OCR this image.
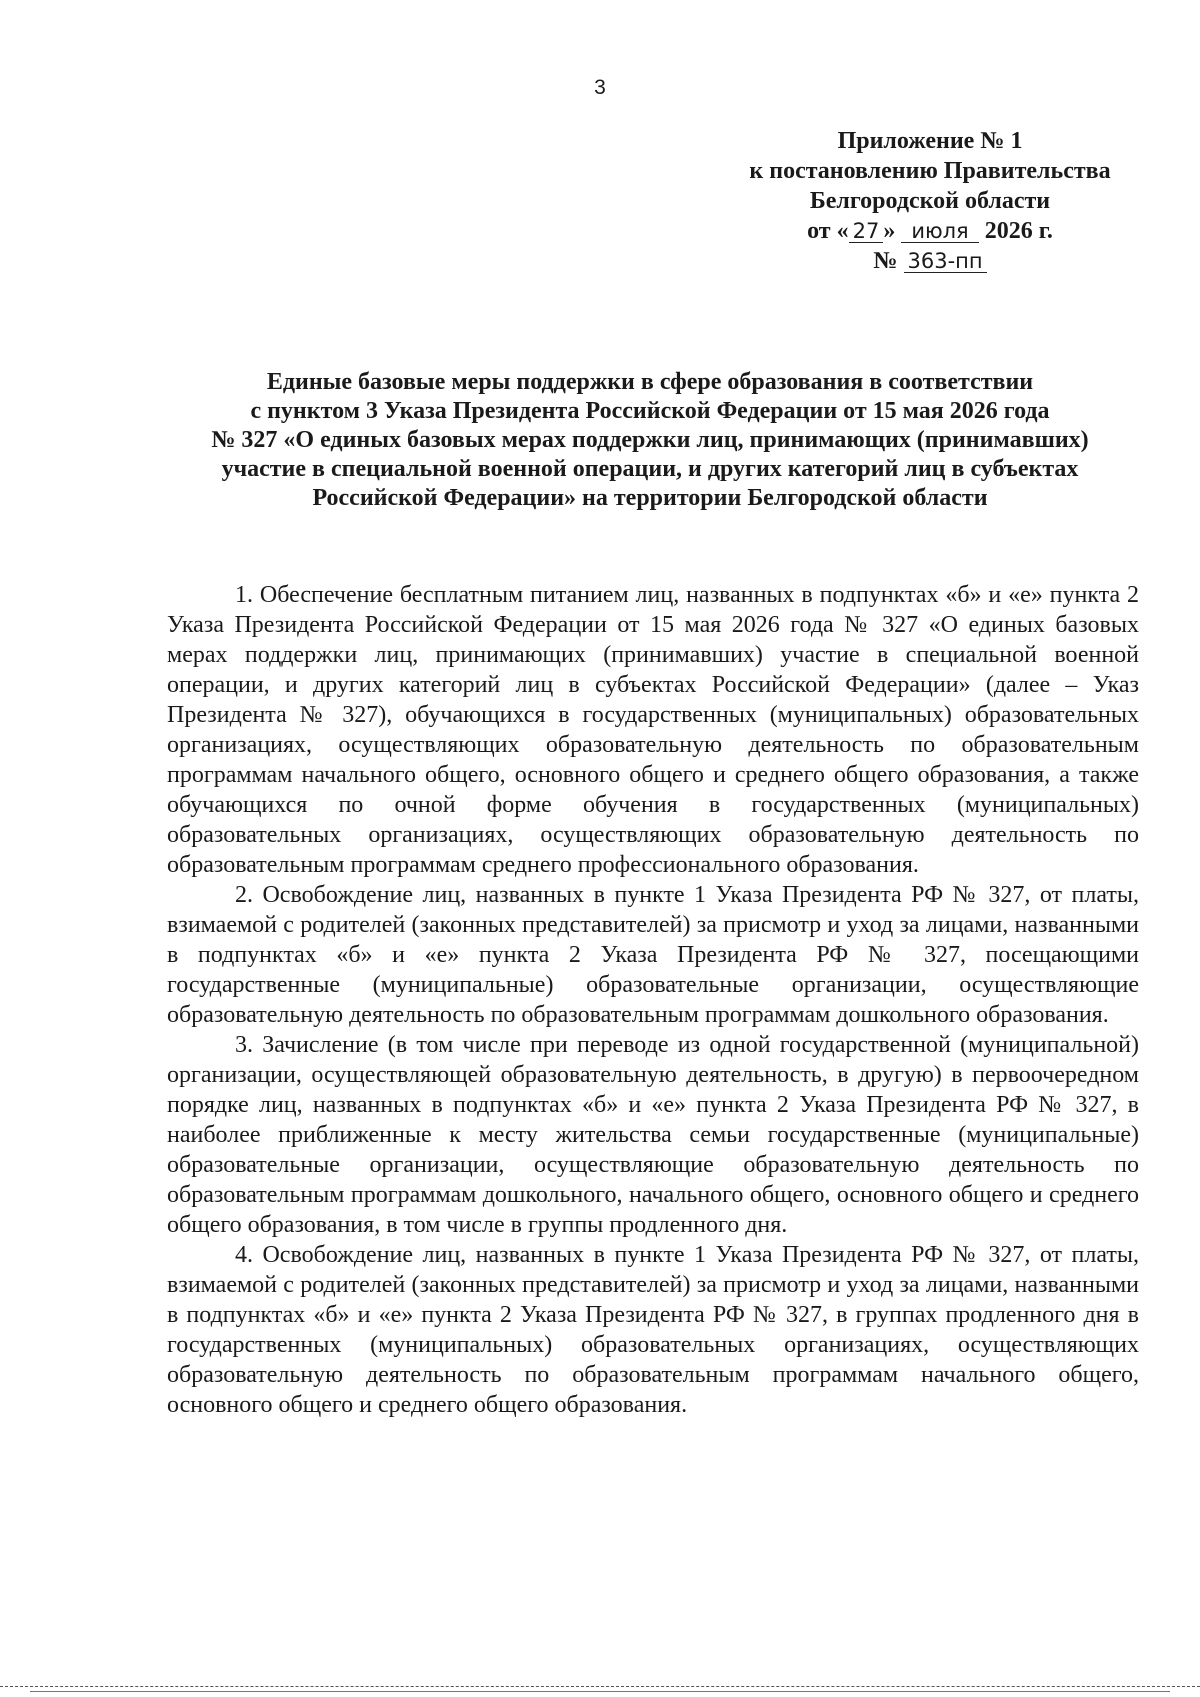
3
Приложение № 1
к постановлению Правительства
Белгородской области
от « 27 » июля 2026 г.
№ 363-пп
Единые базовые меры поддержки в сфере образования в соответствии
с пунктом 3 Указа Президента Российской Федерации от 15 мая 2026 года
№ 327 «О единых базовых мерах поддержки лиц, принимающих (принимавших)
участие в специальной военной операции, и других категорий лиц в субъектах
Российской Федерации» на территории Белгородской области

1. Обеспечение бесплатным питанием лиц, названных в подпунктах «б» и «е» пункта 2 Указа Президента Российской Федерации от 15 мая 2026 года № 327 «О единых базовых мерах поддержки лиц, принимающих (принимавших) участие в специальной военной операции, и других категорий лиц в субъектах Российской Федерации» (далее – Указ Президента № 327), обучающихся в государственных (муниципальных) образовательных организациях, осуществляющих образовательную деятельность по образовательным программам начального общего, основного общего и среднего общего образования, а также обучающихся по очной форме обучения в государственных (муниципальных) образовательных организациях, осуществляющих образовательную деятельность по образовательным программам среднего профессионального образования.

2. Освобождение лиц, названных в пункте 1 Указа Президента РФ № 327, от платы, взимаемой с родителей (законных представителей) за присмотр и уход за лицами, названными в подпунктах «б» и «е» пункта 2 Указа Президента РФ № 327, посещающими государственные (муниципальные) образовательные организации, осуществляющие образовательную деятельность по образовательным программам дошкольного образования.

3. Зачисление (в том числе при переводе из одной государственной (муниципальной) организации, осуществляющей образовательную деятельность, в другую) в первоочередном порядке лиц, названных в подпунктах «б» и «е» пункта 2 Указа Президента РФ № 327, в наиболее приближенные к месту жительства семьи государственные (муниципальные) образовательные организации, осуществляющие образовательную деятельность по образовательным программам дошкольного, начального общего, основного общего и среднего общего образования, в том числе в группы продленного дня.

4. Освобождение лиц, названных в пункте 1 Указа Президента РФ № 327, от платы, взимаемой с родителей (законных представителей) за присмотр и уход за лицами, названными в подпунктах «б» и «е» пункта 2 Указа Президента РФ № 327, в группах продленного дня в государственных (муниципальных) образовательных организациях, осуществляющих образовательную деятельность по образовательным программам начального общего, основного общего и среднего общего образования.
